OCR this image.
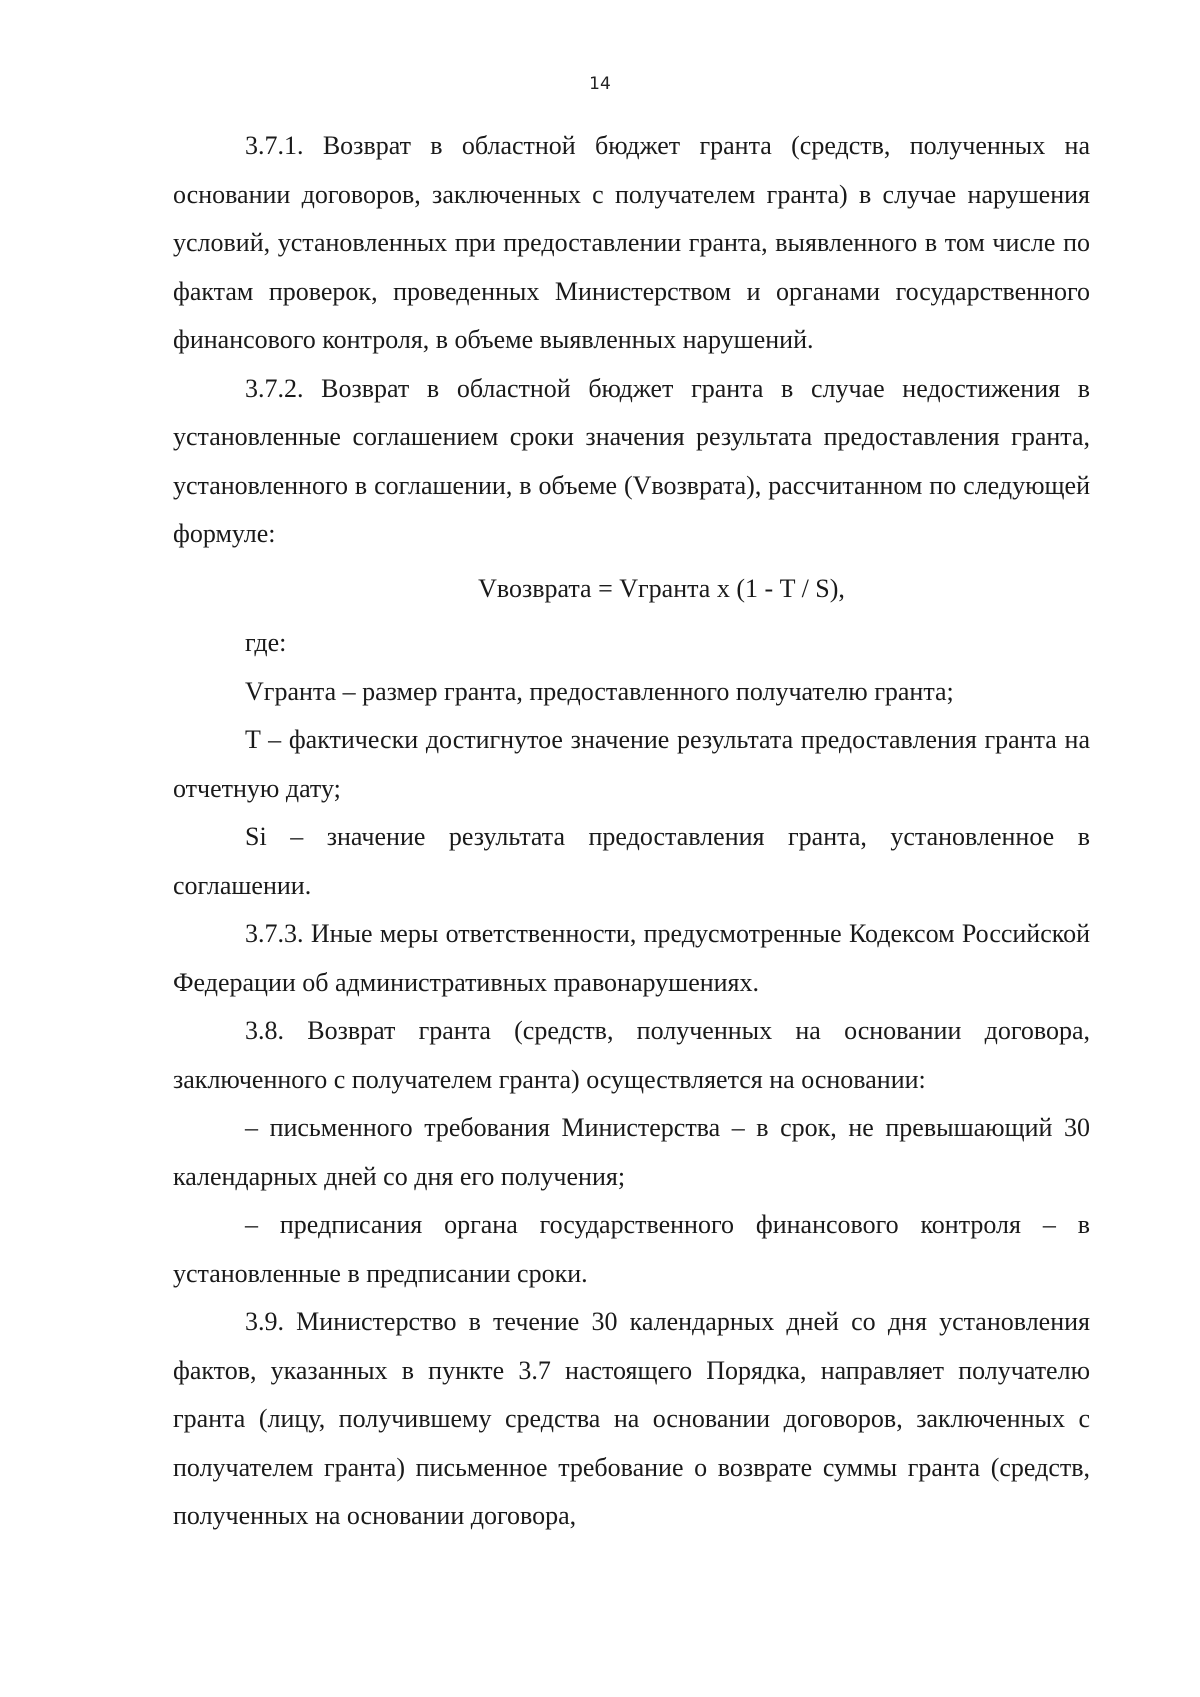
14

3.7.1. Возврат в областной бюджет гранта (средств, полученных на основании договоров, заключенных с получателем гранта) в случае нарушения условий, установленных при предоставлении гранта, выявленного в том числе по фактам проверок, проведенных Министерством и органами государственного финансового контроля, в объеме выявленных нарушений.

3.7.2. Возврат в областной бюджет гранта в случае недостижения в установленные соглашением сроки значения результата предоставления гранта, установленного в соглашении, в объеме (Vвозврата), рассчитанном по следующей формуле:

Vвозврата = Vгранта х (1 - T / S),

где:

Vгранта – размер гранта, предоставленного получателю гранта;

T – фактически достигнутое значение результата предоставления гранта на отчетную дату;

Si – значение результата предоставления гранта, установленное в соглашении.

3.7.3. Иные меры ответственности, предусмотренные Кодексом Российской Федерации об административных правонарушениях.

3.8. Возврат гранта (средств, полученных на основании договора, заключенного с получателем гранта) осуществляется на основании:

– письменного требования Министерства – в срок, не превышающий 30 календарных дней со дня его получения;

– предписания органа государственного финансового контроля – в установленные в предписании сроки.

3.9. Министерство в течение 30 календарных дней со дня установления фактов, указанных в пункте 3.7 настоящего Порядка, направляет получателю гранта (лицу, получившему средства на основании договоров, заключенных с получателем гранта) письменное требование о возврате суммы гранта (средств, полученных на основании договора,
